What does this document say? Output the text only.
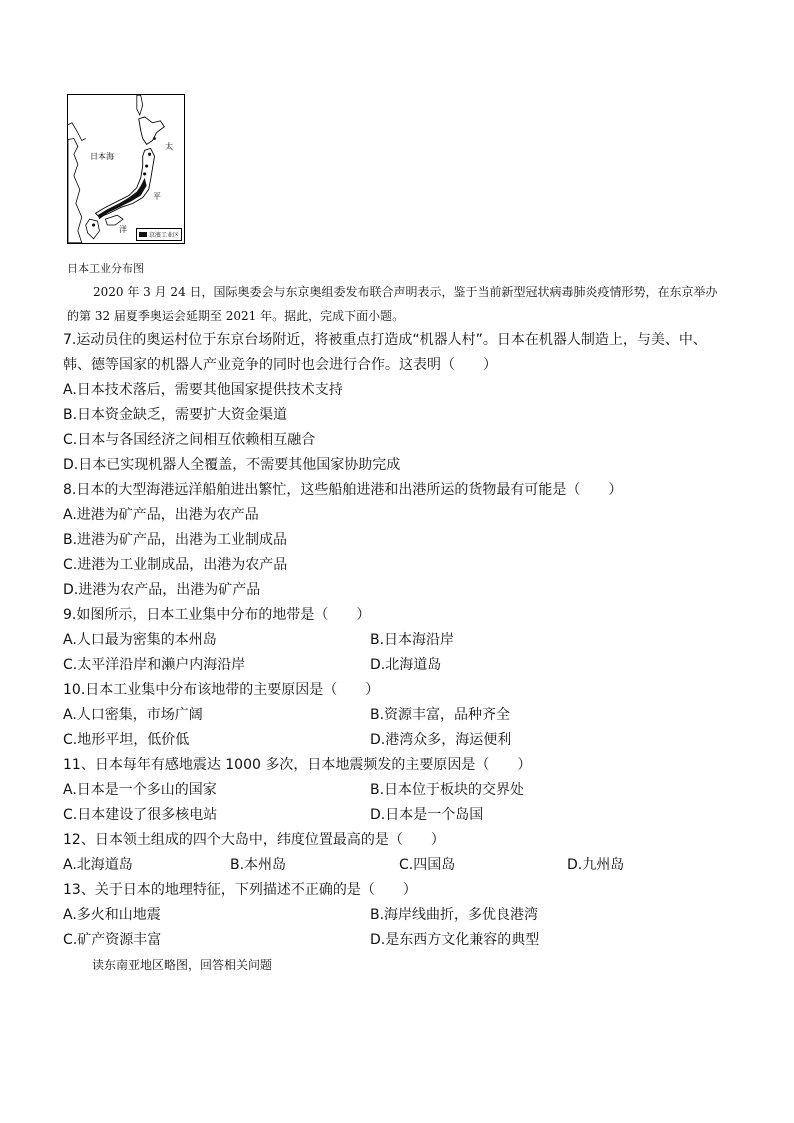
日本海
太
平
洋
京濱工业区
日本工业分布图
2020 年 3 月 24 日，国际奥委会与东京奥组委发布联合声明表示，鉴于当前新型冠状病毒肺炎疫情形势，在东京举办的第 32 届夏季奥运会延期至 2021 年。据此，完成下面小题。
7.运动员住的奥运村位于东京台场附近，将被重点打造成“机器人村”。日本在机器人制造上，与美、中、
韩、德等国家的机器人产业竞争的同时也会进行合作。这表明（　　）
A.日本技术落后，需要其他国家提供技术支持
B.日本资金缺乏，需要扩大资金渠道
C.日本与各国经济之间相互依赖相互融合
D.日本已实现机器人全覆盖，不需要其他国家协助完成
8.日本的大型海港远洋船舶进出繁忙，这些船舶进港和出港所运的货物最有可能是（　　）
A.进港为矿产品，出港为农产品
B.进港为矿产品，出港为工业制成品
C.进港为工业制成品，出港为农产品
D.进港为农产品，出港为矿产品
9.如图所示，日本工业集中分布的地带是（　　）
A.人口最为密集的本州岛	B.日本海沿岸
C.太平洋沿岸和濑户内海沿岸	D.北海道岛
10.日本工业集中分布该地带的主要原因是（　　）
A.人口密集，市场广阔	B.资源丰富，品种齐全
C.地形平坦，低价低	D.港湾众多，海运便利
11、日本每年有感地震达 1000 多次，日本地震频发的主要原因是（　　）
A.日本是一个多山的国家	B.日本位于板块的交界处
C.日本建设了很多核电站	D.日本是一个岛国
12、日本领土组成的四个大岛中，纬度位置最高的是（　　）
A.北海道岛	B.本州岛	C.四国岛	D.九州岛
13、关于日本的地理特征，下列描述不正确的是（　　）
A.多火和山地震	B.海岸线曲折，多优良港湾
C.矿产资源丰富	D.是东西方文化兼容的典型
读东南亚地区略图，回答相关问题
